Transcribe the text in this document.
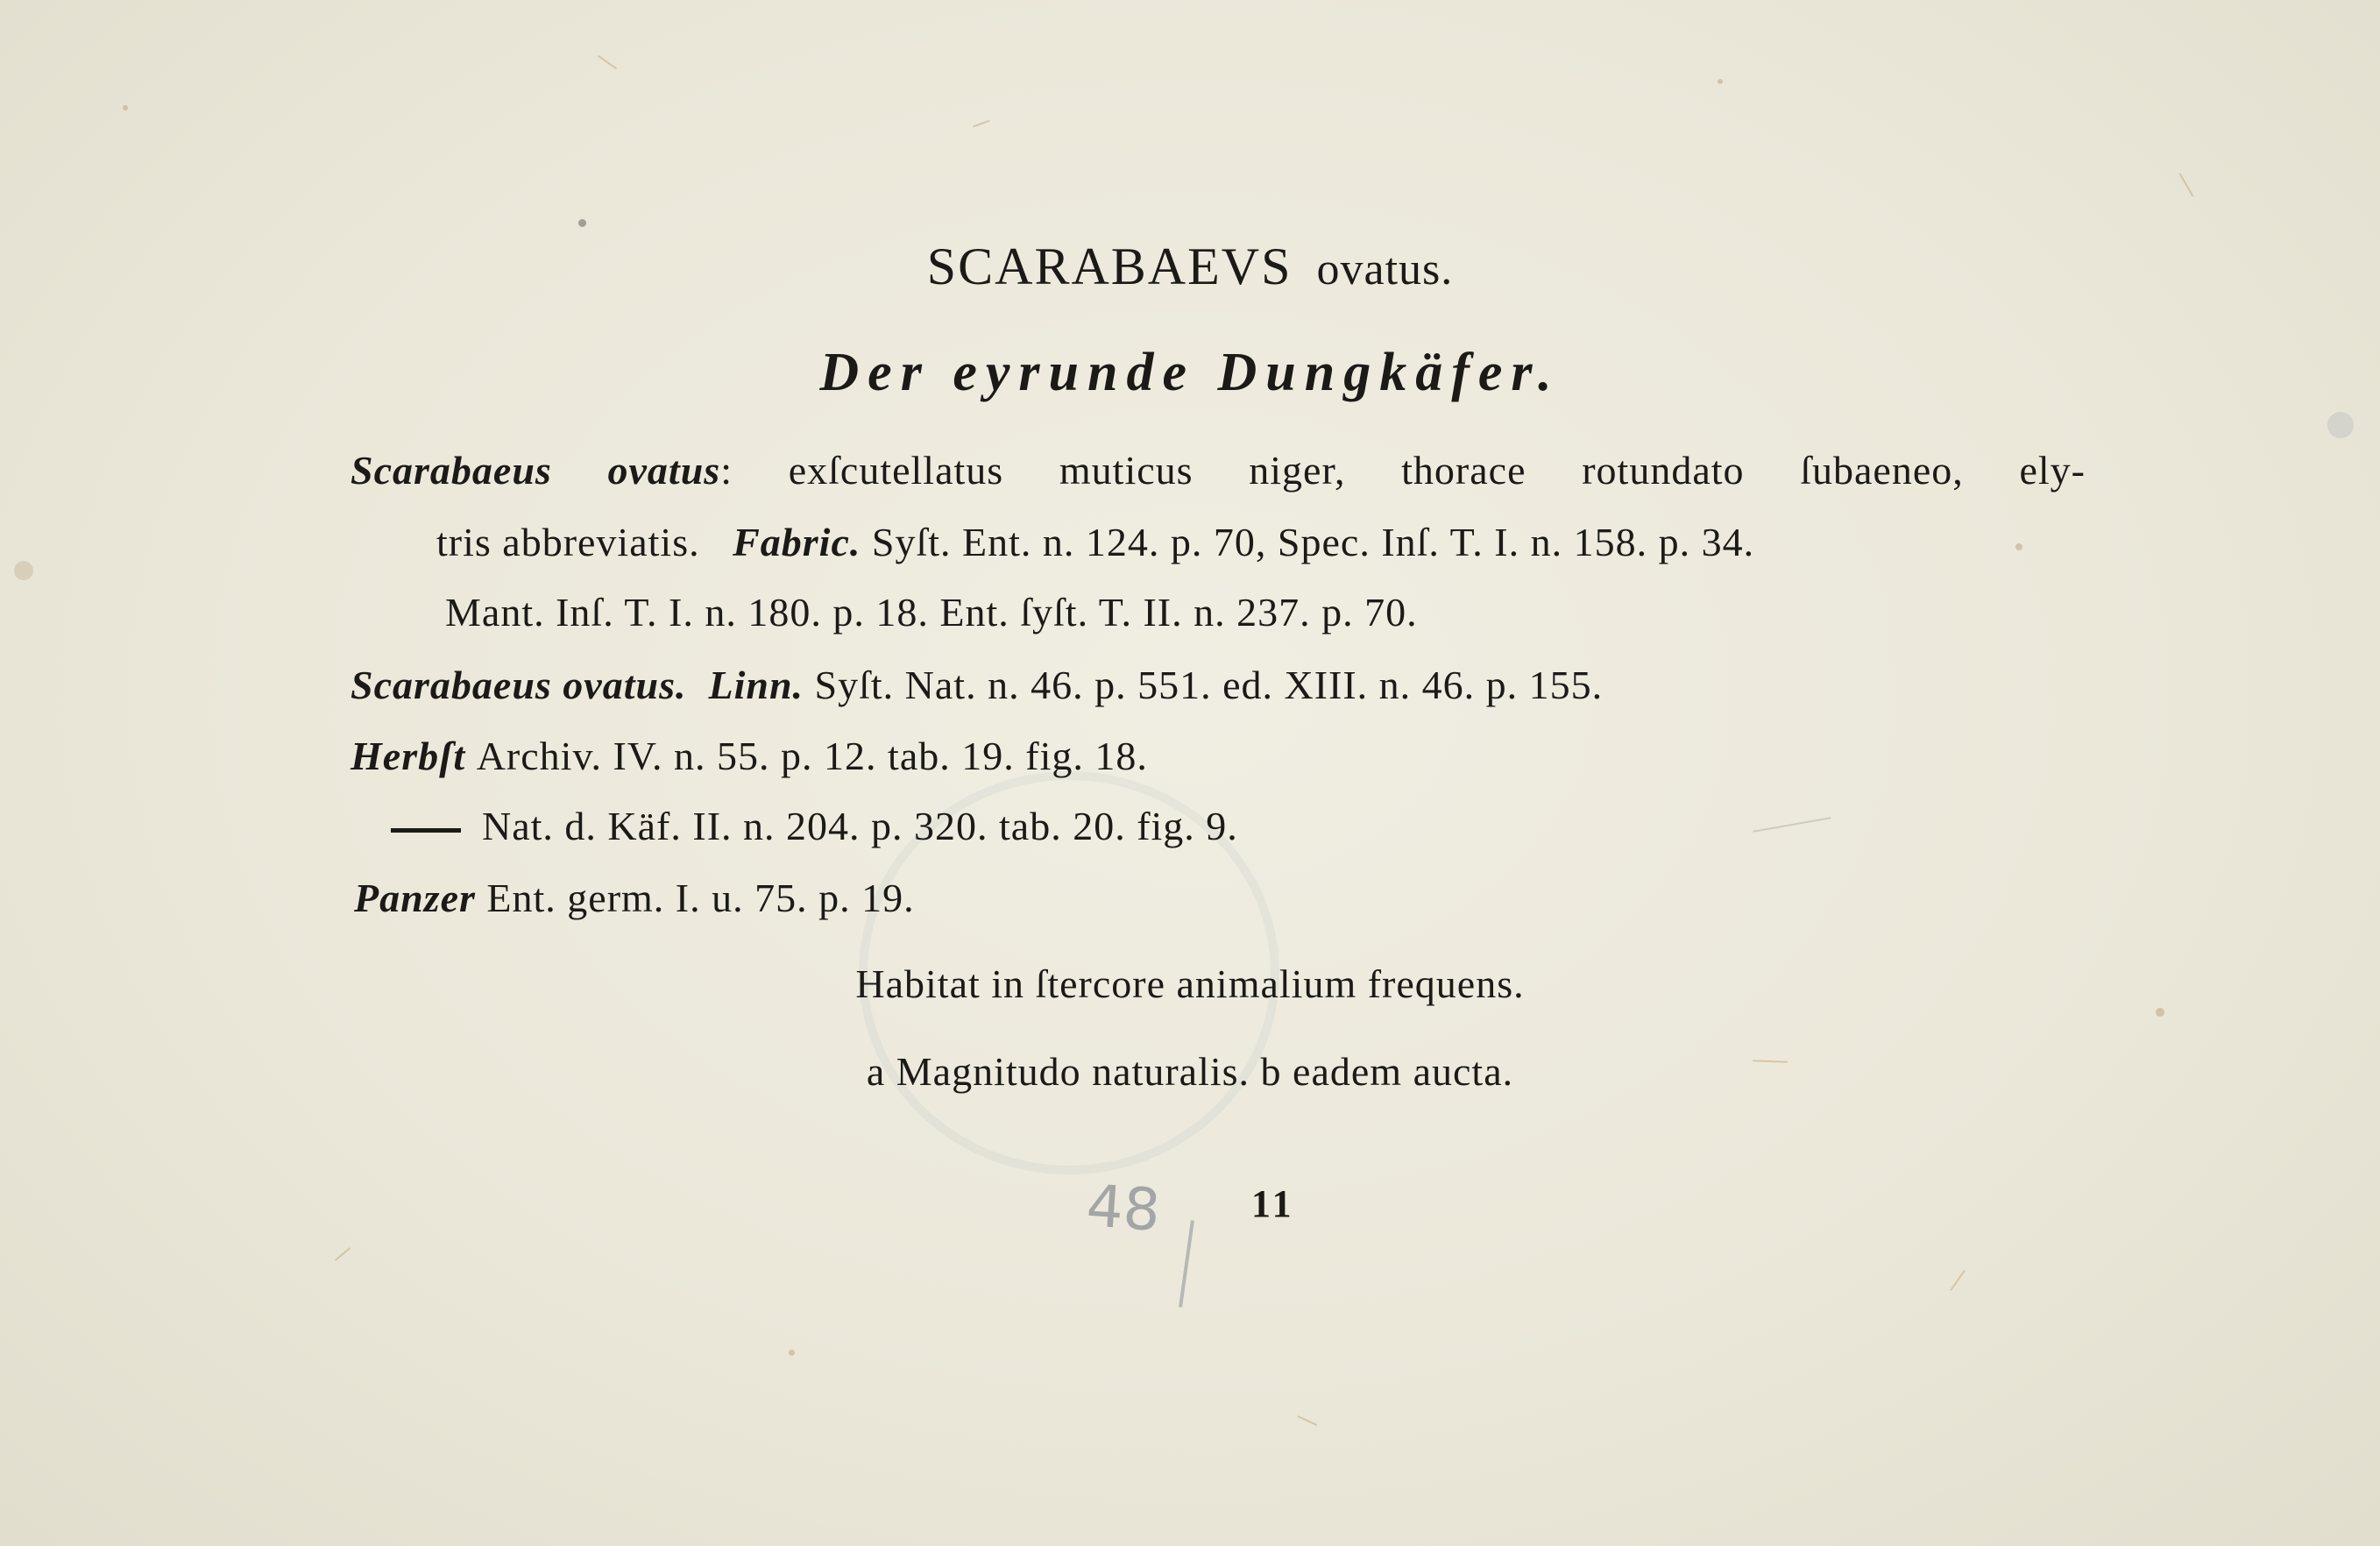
SCARABAEVS ovatus.
Der eyrunde Dungkäfer.
Scarabaeus ovatus: exſcutellatus muticus niger, thorace rotundato ſubaeneo, ely-
tris abbreviatis. Fabric. Syſt. Ent. n. 124. p. 70, Spec. Inſ. T. I. n. 158. p. 34.
Mant. Inſ. T. I. n. 180. p. 18. Ent. ſyſt. T. II. n. 237. p. 70.
Scarabaeus ovatus. Linn. Syſt. Nat. n. 46. p. 551. ed. XIII. n. 46. p. 155.
Herbſt Archiv. IV. n. 55. p. 12. tab. 19. fig. 18.
Nat. d. Käf. II. n. 204. p. 320. tab. 20. fig. 9.
Panzer Ent. germ. I. u. 75. p. 19.
Habitat in ſtercore animalium frequens.
a Magnitudo naturalis. b eadem aucta.
48 11
